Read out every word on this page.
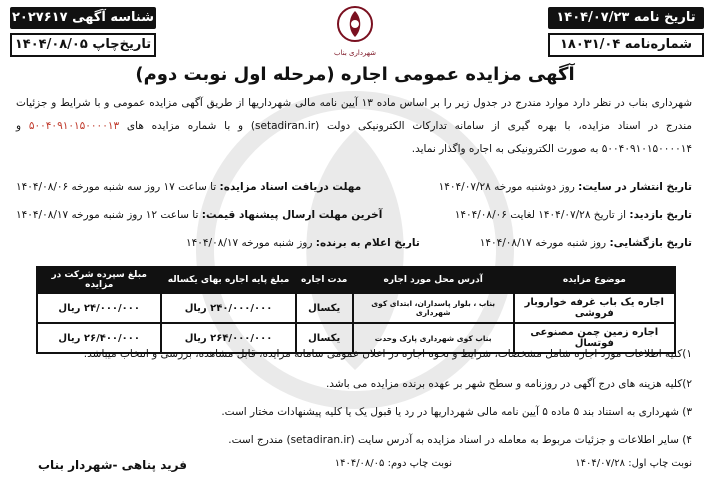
تاریخ نامه ۱۴۰۴/۰۷/۲۳
شماره‌نامه ۱۸۰۳۱/۰۴
شناسه آگهی ۲۰۲۷۶۱۷
تاریخ‌چاپ ۱۴۰۴/۰۸/۰۵
شهرداری بناب
آگهی مزایده عمومی اجاره (مرحله اول نوبت دوم)
شهرداری بناب در نظر دارد موارد مندرج در جدول زیر را بر اساس ماده ۱۳ آیین نامه مالی شهرداریها از طریق آگهی مزایده عمومی و با شرایط و جزئیات مندرج در اسناد مزایده، با بهره گیری از سامانه تدارکات الکترونیکی دولت (setadiran.ir) و با شماره مزایده های ۵۰۰۴۰۹۱۰۱۵۰۰۰۰۱۳ و ۵۰۰۴۰۹۱۰۱۵۰۰۰۰۱۴ به صورت الکترونیکی به اجاره واگذار نماید.
تاریخ انتشار در سایت: روز دوشنبه مورخه ۱۴۰۴/۰۷/۲۸
مهلت دریافت اسناد مزایده: تا ساعت ۱۷ روز سه شنبه مورخه ۱۴۰۴/۰۸/۰۶
تاریخ بازدید: از تاریخ ۱۴۰۴/۰۷/۲۸ لغایت ۱۴۰۴/۰۸/۰۶
آخرین مهلت ارسال پیشنهاد قیمت: تا ساعت ۱۲ روز شنبه مورخه ۱۴۰۴/۰۸/۱۷
تاریخ بازگشایی: روز شنبه مورخه ۱۴۰۴/۰۸/۱۷
تاریخ اعلام به برنده: روز شنبه مورخه ۱۴۰۴/۰۸/۱۷
موضوع مزایده	آدرس محل مورد اجاره	مدت اجاره	مبلغ پایه اجاره بهای یکساله	مبلغ سپرده شرکت در مزایده
اجاره یک باب غرفه خواروبار فروشی	بناب ، بلوار پاسداران، ابتدای کوی شهرداری	یکسال	۲۴۰/۰۰۰/۰۰۰ ریال	۲۴/۰۰۰/۰۰۰ ریال
اجاره زمین چمن مصنوعی فوتسال	بناب کوی شهرداری پارک وحدت	یکسال	۲۶۴/۰۰۰/۰۰۰ ریال	۲۶/۴۰۰/۰۰۰ ریال
۱)کلیه اطلاعات مورد اجاره شامل مشخصات، شرایط و نحوه اجاره در اعلان عمومی سامانه مزایده، قابل مشاهده، بررسی و انتخاب میباشد.
۲)کلیه هزینه های درج آگهی در روزنامه و سطح شهر بر عهده برنده مزایده می باشد.
۳) شهرداری به استناد بند ۵ ماده ۵ آیین نامه مالی شهرداریها در رد یا قبول یک یا کلیه پیشنهادات مختار است.
۴) سایر اطلاعات و جزئیات مربوط به معامله در اسناد مزایده به آدرس سایت (setadiran.ir) مندرج است.
نوبت چاپ اول: ۱۴۰۴/۰۷/۲۸
نوبت چاپ دوم: ۱۴۰۴/۰۸/۰۵
فرید پناهی -شهردار بناب
